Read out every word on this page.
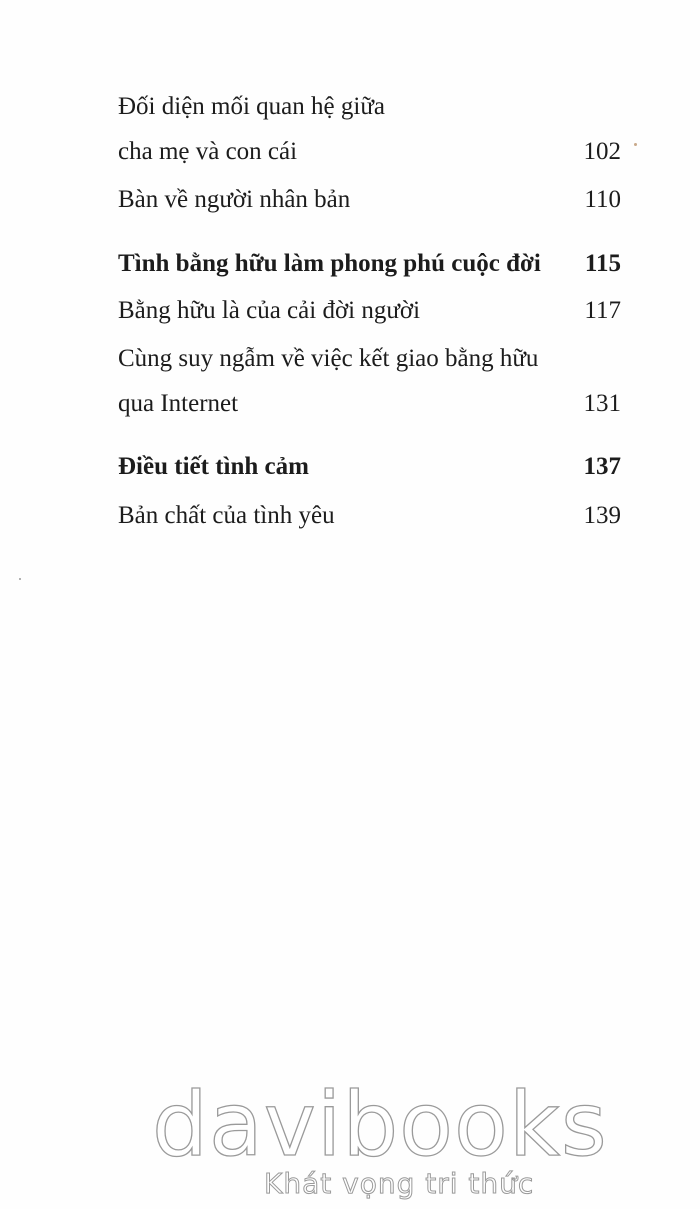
Đối diện mối quan hệ giữa
cha mẹ và con cái	102
Bàn về người nhân bản	110
Tình bằng hữu làm phong phú cuộc đời 115
Bằng hữu là của cải đời người	117
Cùng suy ngẫm về việc kết giao bằng hữu
qua Internet	131
Điều tiết tình cảm	137
Bản chất của tình yêu	139
davibooks
Khát vọng tri thức
